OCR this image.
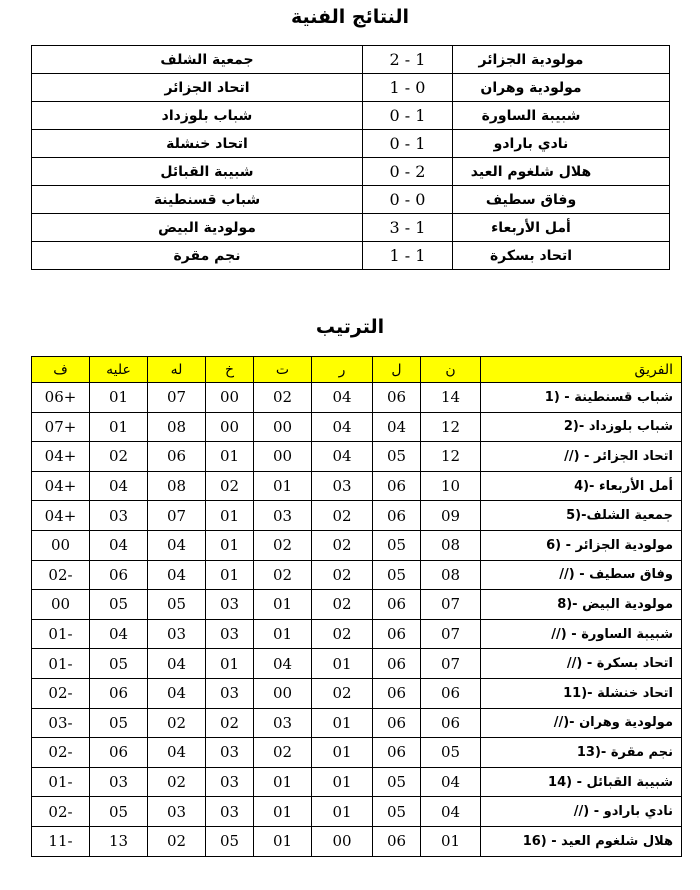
النتائج الفنية
جمعية الشلف	2 - 1	مولودية الجزائر
اتحاد الجزائر	1 - 0	مولودية وهران
شباب بلوزداد	0 - 1	شبيبة الساورة
اتحاد خنشلة	0 - 1	نادي بارادو
شبيبة القبائل	0 - 2	هلال شلغوم العيد
شباب قسنطينة	0 - 0	وفاق سطيف
مولودية البيض	3 - 1	أمل الأربعاء
نجم مقرة	1 - 1	اتحاد بسكرة
الترتيب
ف	عليه	له	خ	ت	ر	ل	ن	الفريق
06+	01	07	00	02	04	06	14	1) - شباب قسنطينة
07+	01	08	00	00	04	04	12	2)- شباب بلوزداد
04+	02	06	01	00	04	05	12	//) - اتحاد الجزائر
04+	04	08	02	01	03	06	10	4)- أمل الأربعاء
04+	03	07	01	03	02	06	09	5)-جمعية الشلف
00	04	04	01	02	02	05	08	6) - مولودية الجزائر
02-	06	04	01	02	02	05	08	//) - وفاق سطيف
00	05	05	03	01	02	06	07	8)- مولودية البيض
01-	04	03	03	01	02	06	07	//) - شبيبة الساورة
01-	05	04	01	04	01	06	07	//) - اتحاد بسكرة
02-	06	04	03	00	02	06	06	11)- اتحاد خنشلة
03-	05	02	02	03	01	06	06	//)- مولودية وهران
02-	06	04	03	02	01	06	05	13)- نجم مقرة
01-	03	02	03	01	01	05	04	14) - شبيبة القبائل
02-	05	03	03	01	01	05	04	//) - نادي بارادو
11-	13	02	05	01	00	06	01	16) - هلال شلغوم العيد
